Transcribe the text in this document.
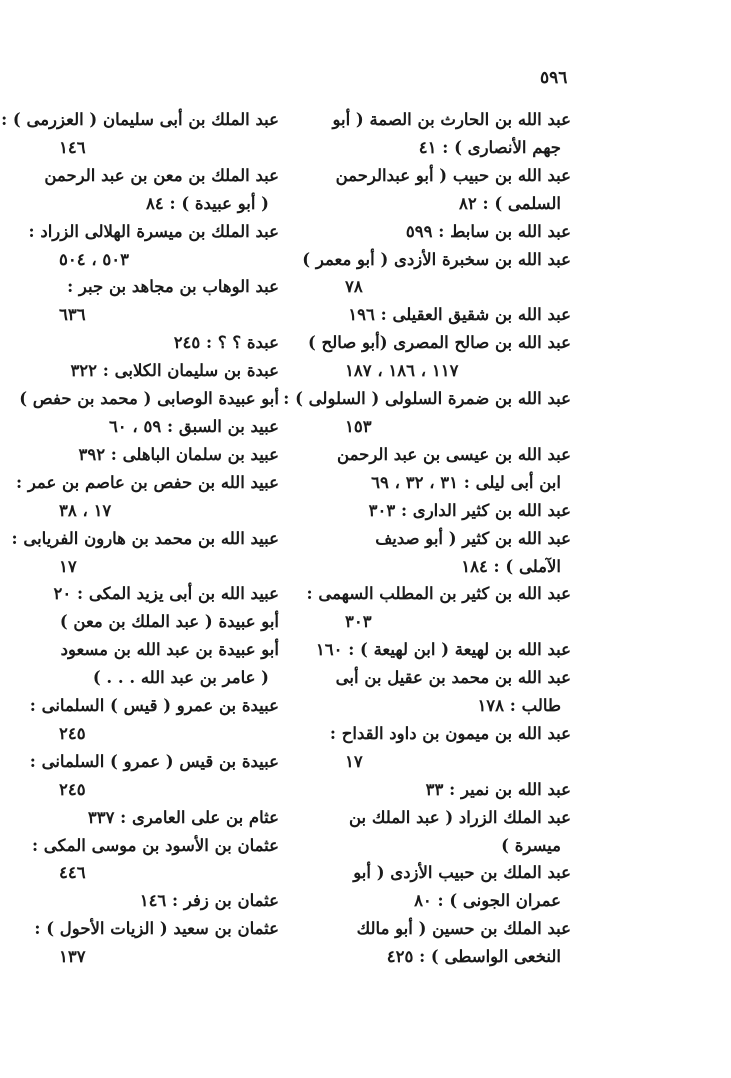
٥٩٦
عبد الله بن الحارث بن الصمة ( أبو
جهم الأنصارى ) : ٤١
عبد الله بن حبيب ( أبو عبدالرحمن
السلمى ) : ٨٢
عبد الله بن سابط : ٥٩٩
عبد الله بن سخبرة الأزدى ( أبو معمر )
٧٨
عبد الله بن شقيق العقيلى : ١٩٦
عبد الله بن صالح المصرى (أبو صالح )
١١٧ ، ١٨٦ ، ١٨٧
عبد الله بن ضمرة السلولى ( السلولى ) :
١٥٣
عبد الله بن عيسى بن عبد الرحمن
ابن أبى ليلى : ٣١ ، ٣٢ ، ٦٩
عبد الله بن كثير الدارى : ٣٠٣
عبد الله بن كثير ( أبو صديف
الآملى ) : ١٨٤
عبد الله بن كثير بن المطلب السهمى :
٣٠٣
عبد الله بن لهيعة ( ابن لهيعة ) : ١٦٠
عبد الله بن محمد بن عقيل بن أبى
طالب : ١٧٨
عبد الله بن ميمون بن داود القداح :
١٧
عبد الله بن نمير : ٣٣
عبد الملك الزراد ( عبد الملك بن
ميسرة )
عبد الملك بن حبيب الأزدى ( أبو
عمران الجونى ) : ٨٠
عبد الملك بن حسين ( أبو مالك
النخعى الواسطى ) : ٤٢٥
عبد الملك بن أبى سليمان ( العزرمى ) :
١٤٦
عبد الملك بن معن بن عبد الرحمن
( أبو عبيدة ) : ٨٤
عبد الملك بن ميسرة الهلالى الزراد :
٥٠٣ ، ٥٠٤
عبد الوهاب بن مجاهد بن جبر :
٦٣٦
عبدة ؟ ؟ : ٢٤٥
عبدة بن سليمان الكلابى : ٣٢٢
أبو عبيدة الوصابى ( محمد بن حفص )
عبيد بن السبق : ٥٩ ، ٦٠
عبيد بن سلمان الباهلى : ٣٩٢
عبيد الله بن حفص بن عاصم بن عمر :
١٧ ، ٣٨
عبيد الله بن محمد بن هارون الفريابى :
١٧
عبيد الله بن أبى يزيد المكى : ٢٠
أبو عبيدة ( عبد الملك بن معن )
أبو عبيدة بن عبد الله بن مسعود
( عامر بن عبد الله . . . )
عبيدة بن عمرو ( قيس ) السلمانى :
٢٤٥
عبيدة بن قيس ( عمرو ) السلمانى :
٢٤٥
عثام بن على العامرى : ٣٣٧
عثمان بن الأسود بن موسى المكى :
٤٤٦
عثمان بن زفر : ١٤٦
عثمان بن سعيد ( الزيات الأحول ) :
١٣٧
